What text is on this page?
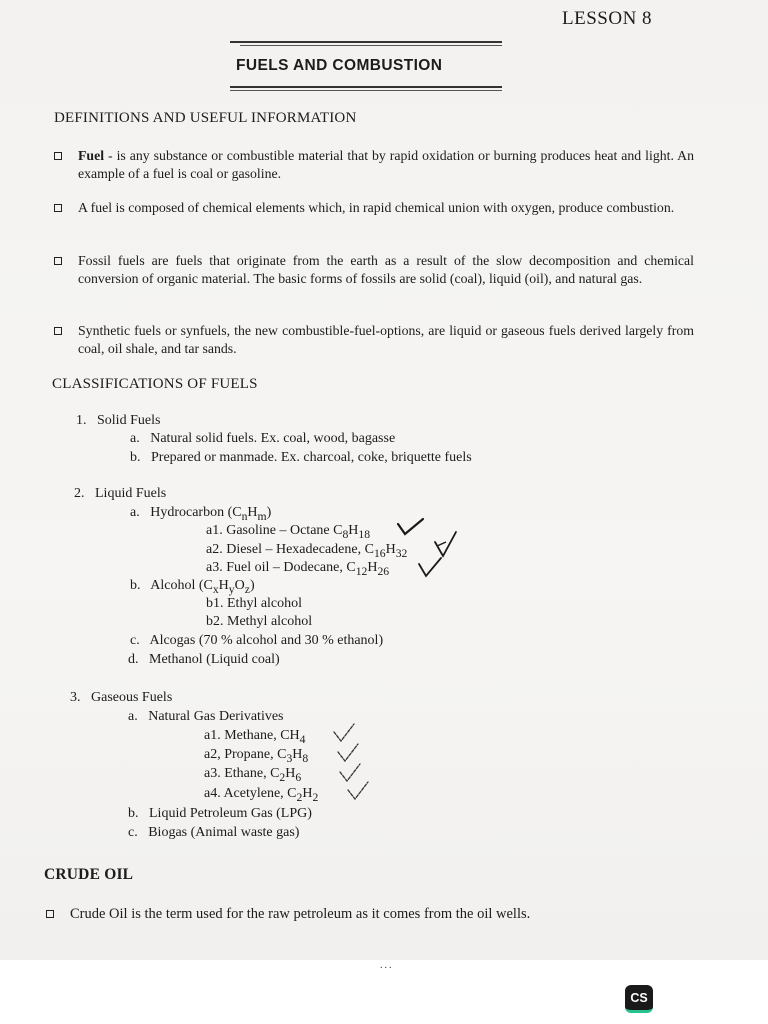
LESSON 8
FUELS AND COMBUSTION
DEFINITIONS AND USEFUL INFORMATION
Fuel - is any substance or combustible material that by rapid oxidation or burning produces heat and light. An example of a fuel is coal or gasoline.
A fuel is composed of chemical elements which, in rapid chemical union with oxygen, produce combustion.
Fossil fuels are fuels that originate from the earth as a result of the slow decomposition and chemical conversion of organic material. The basic forms of fossils are solid (coal), liquid (oil), and natural gas.
Synthetic fuels or synfuels, the new combustible-fuel-options, are liquid or gaseous fuels derived largely from coal, oil shale, and tar sands.
CLASSIFICATIONS OF FUELS
1. Solid Fuels
a. Natural solid fuels. Ex. coal, wood, bagasse
b. Prepared or manmade. Ex. charcoal, coke, briquette fuels
2. Liquid Fuels
a. Hydrocarbon $(C_nH_m)$
a1. Gasoline – Octane $C_8H_{18}$
a2. Diesel – Hexadecadene, $C_{16}H_{32}$
a3. Fuel oil – Dodecane, $C_{12}H_{26}$
b. Alcohol $(C_xH_yO_z)$
b1. Ethyl alcohol
b2. Methyl alcohol
c. Alcogas (70 % alcohol and 30 % ethanol)
d. Methanol (Liquid coal)
3. Gaseous Fuels
a. Natural Gas Derivatives
a1. Methane, $CH_4$
a2, Propane, $C_3H_8$
a3. Ethane, $C_2H_6$
a4. Acetylene, $C_2H_2$
b. Liquid Petroleum Gas (LPG)
c. Biogas (Animal waste gas)
CRUDE OIL
Crude Oil is the term used for the raw petroleum as it comes from the oil wells.
...
CS
